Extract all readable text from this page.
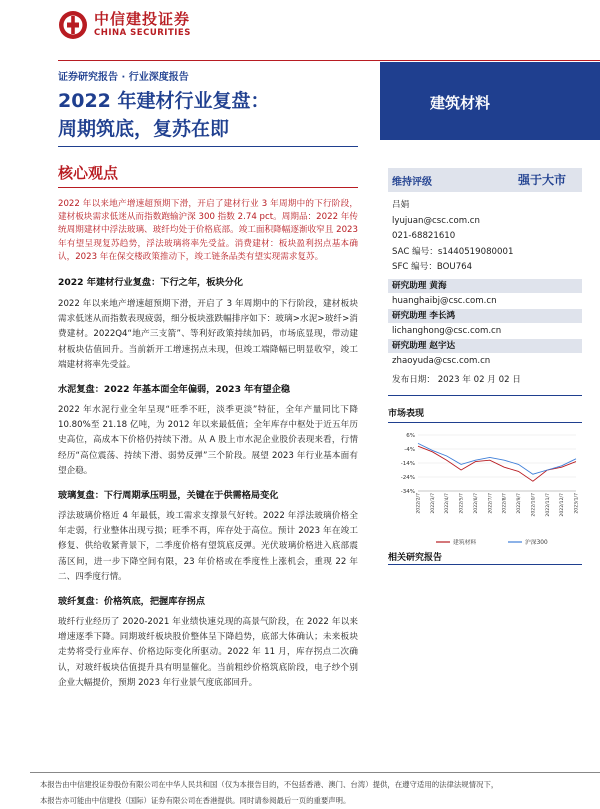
中信建投证券
CHINA SECURITIES
证券研究报告 · 行业深度报告
2022 年建材行业复盘：
周期筑底，复苏在即
建筑材料
核心观点

2022 年以来地产增速超预期下滑，开启了建材行业 3 年周期中的下行阶段，建材板块需求低迷从而指数跑输沪深 300 指数 2.74 pct。周期品：2022 年传统周期建材中浮法玻璃、玻纤均处于价格底部。竣工面积降幅逐渐收窄且 2023 年有望呈现复苏趋势，浮法玻璃将率先受益。消费建材：板块盈利拐点基本确认，2023 年在保交楼政策推动下，竣工链条品类有望实现需求复苏。

2022 年建材行业复盘：下行之年，板块分化

2022 年以来地产增速超预期下滑，开启了 3 年周期中的下行阶段，建材板块需求低迷从而指数表现疲弱，细分板块涨跌幅排序如下：玻璃>水泥>玻纤>消费建材。2022Q4“地产三支箭”、等利好政策持续加码，市场底显现，带动建材板块估值回升。当前新开工增速拐点未现，但竣工端降幅已明显收窄，竣工端建材将率先受益。

水泥复盘：2022 年基本面全年偏弱，2023 年有望企稳

2022 年水泥行业全年呈现“旺季不旺，淡季更淡”特征，全年产量同比下降 10.80%至 21.18 亿吨，为 2012 年以来最低值；全年库存中枢处于近五年历史高位，高成本下价格仍持续下滑。从 A 股上市水泥企业股价表现来看，行情经历“高位震荡、持续下滑、弱势反弹”三个阶段。展望 2023 年行业基本面有望企稳。

玻璃复盘：下行周期承压明显，关键在于供需格局变化

浮法玻璃价格近 4 年最低，竣工需求支撑景气好转。2022 年浮法玻璃价格全年走弱，行业整体出现亏损；旺季不再，库存处于高位。预计 2023 年在竣工修复、供给收紧背景下，二季度价格有望筑底反弹。光伏玻璃价格进入底部震荡区间，进一步下降空间有限，23 年价格或在季度性上涨机会，重现 22 年二、四季度行情。

玻纤复盘：价格筑底，把握库存拐点

玻纤行业经历了 2020-2021 年业绩快速兑现的高景气阶段，在 2022 年以来增速逐季下降。同期玻纤板块股价整体呈下降趋势，底部大体确认；未来板块走势将受行业库存、价格边际变化所驱动。2022 年 11 月，库存拐点二次确认，对玻纤板块估值提升具有明显催化。当前粗纱价格筑底阶段，电子纱个别企业大幅提价，预期 2023 年行业景气度底部回升。

维持评级	强于大市
吕娟
lyujuan@csc.com.cn
021-68821610
SAC 编号：s1440519080001
SFC 编号：BOU764
研究助理 黄海
huanghaibj@csc.com.cn
研究助理 李长鸿
lichanghong@csc.com.cn
研究助理 赵宇达
zhaoyuda@csc.com.cn
发布日期： 2023 年 02 月 02 日
市场表现
6%
-4%
-14%
-24%
-34%
2022/2/7 2022/3/7 2022/4/7 2022/5/7 2022/6/7 2022/7/7 2022/8/7 2022/9/7 2022/10/7 2022/11/7 2022/12/7 2023/1/7
建筑材料	沪深300
相关研究报告
本报告由中信建投证券股份有限公司在中华人民共和国（仅为本报告目的，不包括香港、澳门、台湾）提供，在遵守适用的法律法规情况下，
本报告亦可能由中信建投（国际）证券有限公司在香港提供。同时请参阅最后一页的重要声明。
